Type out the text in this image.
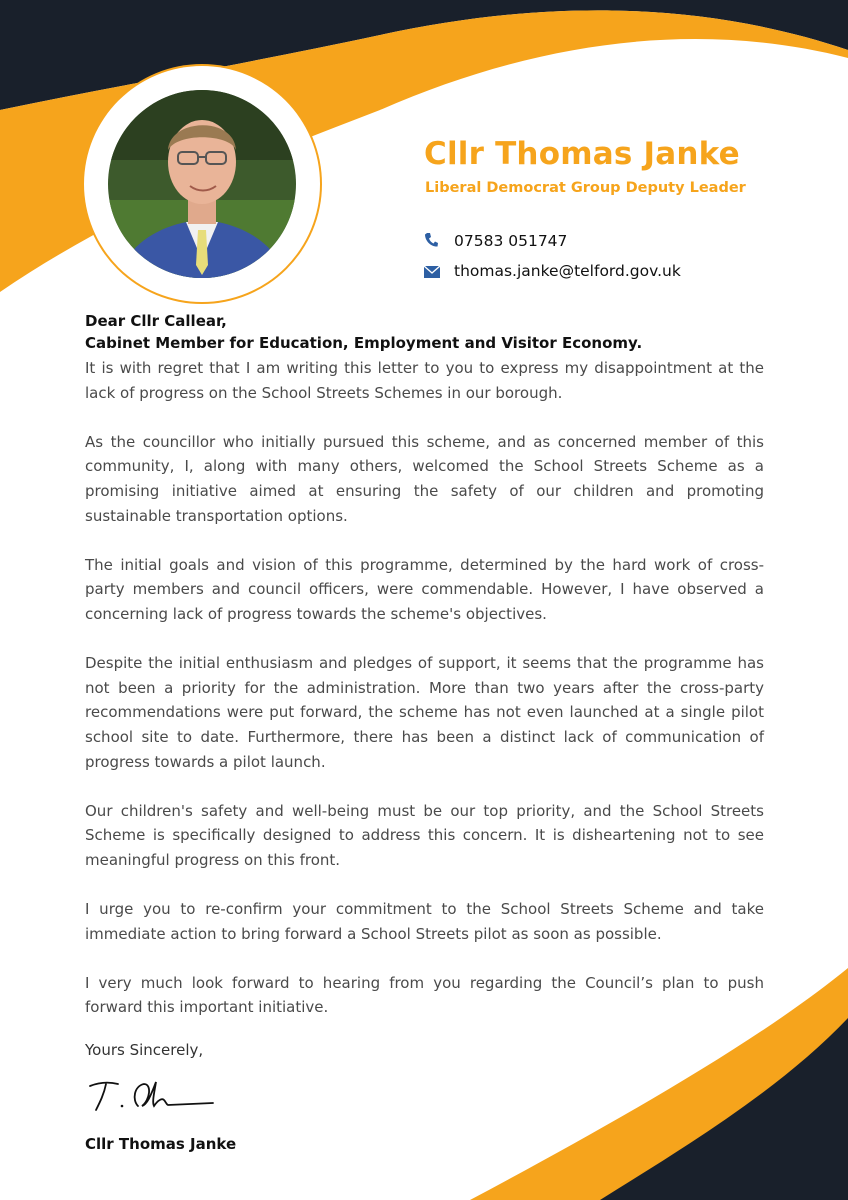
Cllr Thomas Janke
Liberal Democrat Group Deputy Leader
07583 051747
thomas.janke@telford.gov.uk
Dear Cllr Callear,
Cabinet Member for Education, Employment and Visitor Economy.

It is with regret that I am writing this letter to you to express my disappointment at the lack of progress on the School Streets Schemes in our borough.

As the councillor who initially pursued this scheme, and as concerned member of this community, I, along with many others, welcomed the School Streets Scheme as a promising initiative aimed at ensuring the safety of our children and promoting sustainable transportation options.

The initial goals and vision of this programme, determined by the hard work of cross-party members and council officers, were commendable. However, I have observed a concerning lack of progress towards the scheme's objectives.

Despite the initial enthusiasm and pledges of support, it seems that the programme has not been a priority for the administration. More than two years after the cross-party recommendations were put forward, the scheme has not even launched at a single pilot school site to date. Furthermore, there has been a distinct lack of communication of progress towards a pilot launch.

Our children's safety and well-being must be our top priority, and the School Streets Scheme is specifically designed to address this concern. It is disheartening not to see meaningful progress on this front.

I urge you to re-confirm your commitment to the School Streets Scheme and take immediate action to bring forward a School Streets pilot as soon as possible.

I very much look forward to hearing from you regarding the Council’s plan to push forward this important initiative.

Yours Sincerely,
Cllr Thomas Janke
